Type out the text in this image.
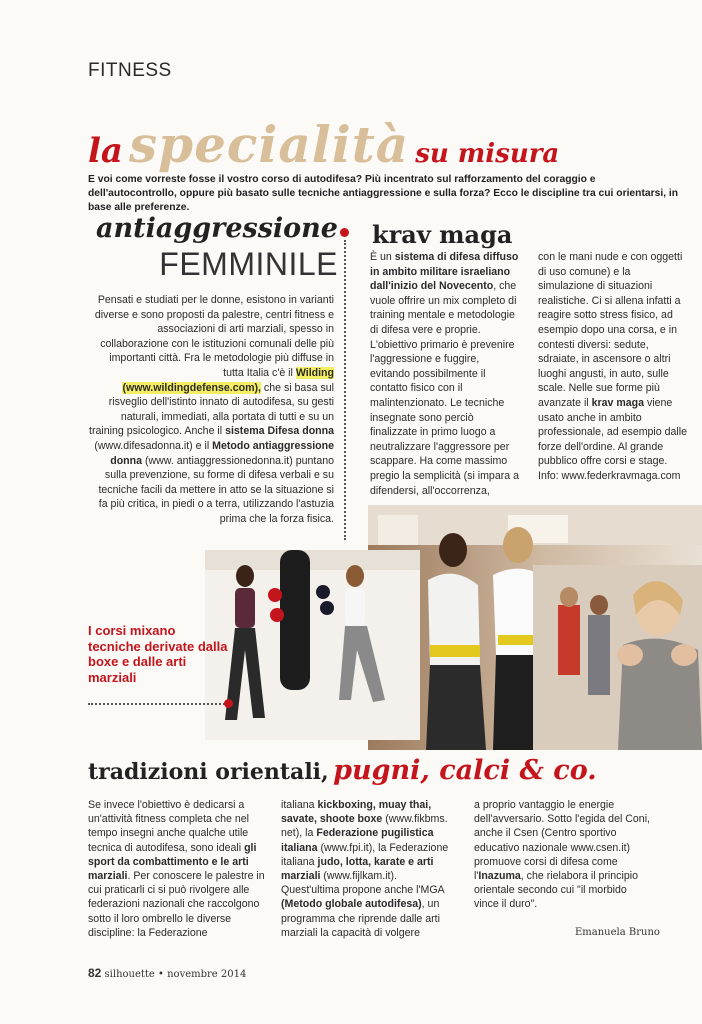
FITNESS
la specialità su misura
E voi come vorreste fosse il vostro corso di autodifesa? Più incentrato sul rafforzamento del coraggio e dell'autocontrollo, oppure più basato sulle tecniche antiaggressione e sulla forza? Ecco le discipline tra cui orientarsi, in base alle preferenze.
antiaggressione
FEMMINILE
Pensati e studiati per le donne, esistono in varianti diverse e sono proposti da palestre, centri fitness e associazioni di arti marziali, spesso in collaborazione con le istituzioni comunali delle più importanti città. Fra le metodologie più diffuse in tutta Italia c'è il Wilding (www.wildingdefense.com), che si basa sul risveglio dell'istinto innato di autodifesa, su gesti naturali, immediati, alla portata di tutti e su un training psicologico. Anche il sistema Difesa donna (www.difesadonna.it) e il Metodo antiaggressione donna (www. antiaggressionedonna.it) puntano sulla prevenzione, su forme di difesa verbali e su tecniche facili da mettere in atto se la situazione si fa più critica, in piedi o a terra, utilizzando l'astuzia prima che la forza fisica.
krav maga
È un sistema di difesa diffuso in ambito militare israeliano dall'inizio del Novecento, che vuole offrire un mix completo di training mentale e metodologie di difesa vere e proprie. L'obiettivo primario è prevenire l'aggressione e fuggire, evitando possibilmente il contatto fisico con il malintenzionato. Le tecniche insegnate sono perciò finalizzate in primo luogo a neutralizzare l'aggressore per scappare. Ha come massimo pregio la semplicità (si impara a difendersi, all'occorrenza,
con le mani nude e con oggetti di uso comune) e la simulazione di situazioni realistiche. Ci si allena infatti a reagire sotto stress fisico, ad esempio dopo una corsa, e in contesti diversi: sedute, sdraiate, in ascensore o altri luoghi angusti, in auto, sulle scale. Nelle sue forme più avanzate il krav maga viene usato anche in ambito professionale, ad esempio dalle forze dell'ordine. Al grande pubblico offre corsi e stage. Info: www.federkravmaga.com
I corsi mixano tecniche derivate dalla boxe e dalle arti marziali
tradizioni orientali, pugni, calci & co.
Se invece l'obiettivo è dedicarsi a un'attività fitness completa che nel tempo insegni anche qualche utile tecnica di autodifesa, sono ideali gli sport da combattimento e le arti marziali. Per conoscere le palestre in cui praticarli ci si può rivolgere alle federazioni nazionali che raccolgono sotto il loro ombrello le diverse discipline: la Federazione
italiana kickboxing, muay thai, savate, shoote boxe (www.fikbms. net), la Federazione pugilistica italiana (www.fpi.it), la Federazione italiana judo, lotta, karate e arti marziali (www.fijlkam.it). Quest'ultima propone anche l'MGA (Metodo globale autodifesa), un programma che riprende dalle arti marziali la capacità di volgere
a proprio vantaggio le energie dell'avversario. Sotto l'egida del Coni, anche il Csen (Centro sportivo educativo nazionale www.csen.it) promuove corsi di difesa come l'Inazuma, che rielabora il principio orientale secondo cui "il morbido vince il duro".
Emanuela Bruno
82 silhouette • novembre 2014
